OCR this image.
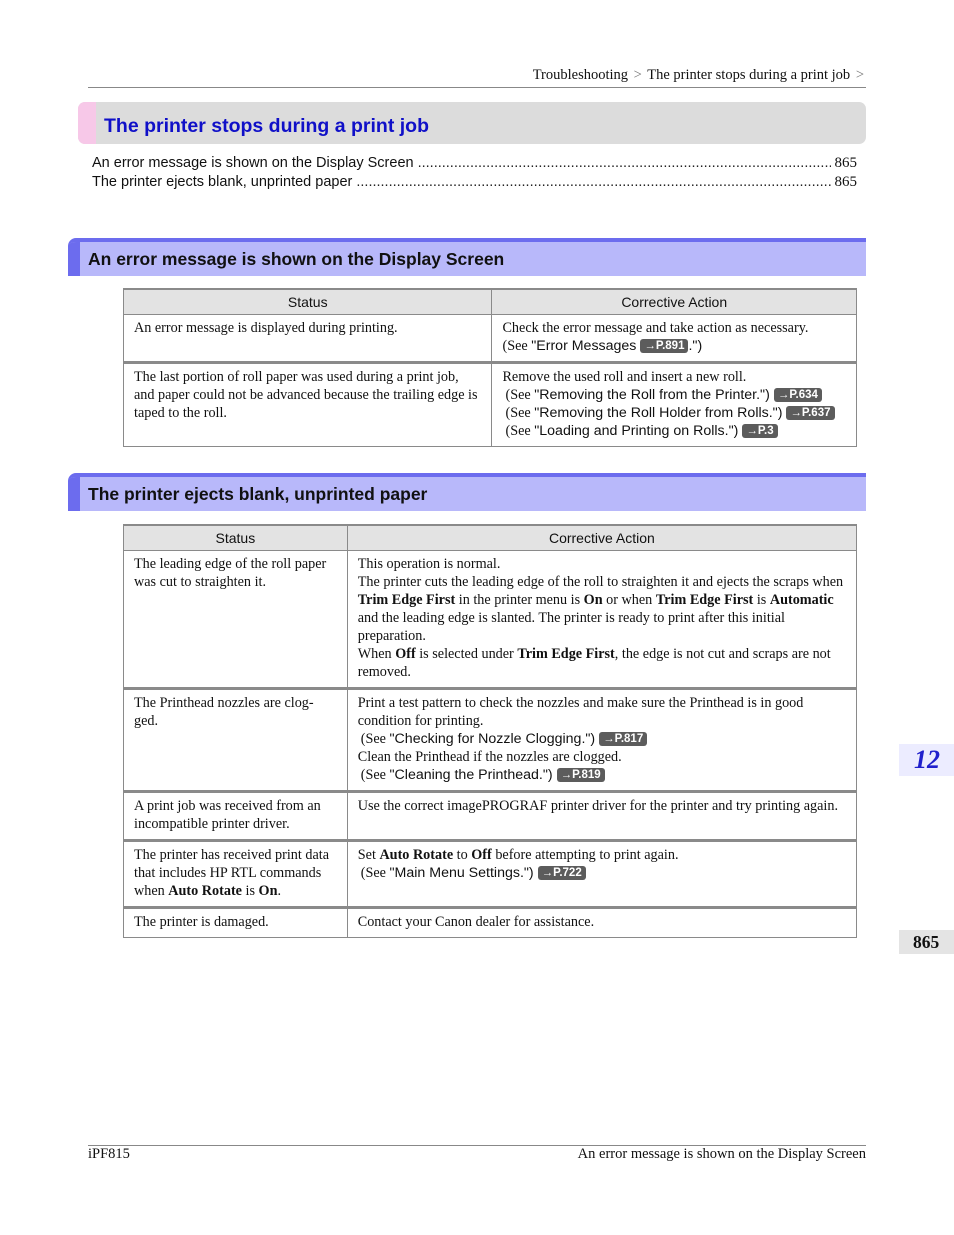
Troubleshooting > The printer stops during a print job >
The printer stops during a print job
An error message is shown on the Display Screen .....	865
The printer ejects blank, unprinted paper .....	865
An error message is shown on the Display Screen
Status	Corrective Action
An error message is displayed during printing.	Check the error message and take action as necessary.
(See "Error Messages →P.891 .")
The last portion of roll paper was used during a print job, and paper could not be advanced because the trailing edge is taped to the roll.	Remove the used roll and insert a new roll.
(See "Removing the Roll from the Printer.") →P.634
(See "Removing the Roll Holder from Rolls.") →P.637
(See "Loading and Printing on Rolls.") →P.3
The printer ejects blank, unprinted paper
Status	Corrective Action
The leading edge of the roll paper was cut to straighten it.	This operation is normal.
The printer cuts the leading edge of the roll to straighten it and ejects the scraps when Trim Edge First in the printer menu is On or when Trim Edge First is Automatic and the leading edge is slanted. The printer is ready to print after this initial preparation.
When Off is selected under Trim Edge First, the edge is not cut and scraps are not removed.
The Printhead nozzles are clog-ged.	Print a test pattern to check the nozzles and make sure the Printhead is in good condition for printing.
(See "Checking for Nozzle Clogging.") →P.817
Clean the Printhead if the nozzles are clogged.
(See "Cleaning the Printhead.") →P.819

A print job was received from an incompatible printer driver.	Use the correct imagePROGRAF printer driver for the printer and try printing again.
The printer has received print data that includes HP RTL commands when Auto Rotate is On.	Set Auto Rotate to Off before attempting to print again.
(See "Main Menu Settings.") →P.722

The printer is damaged.	Contact your Canon dealer for assistance.
12
865
iPF815	An error message is shown on the Display Screen
